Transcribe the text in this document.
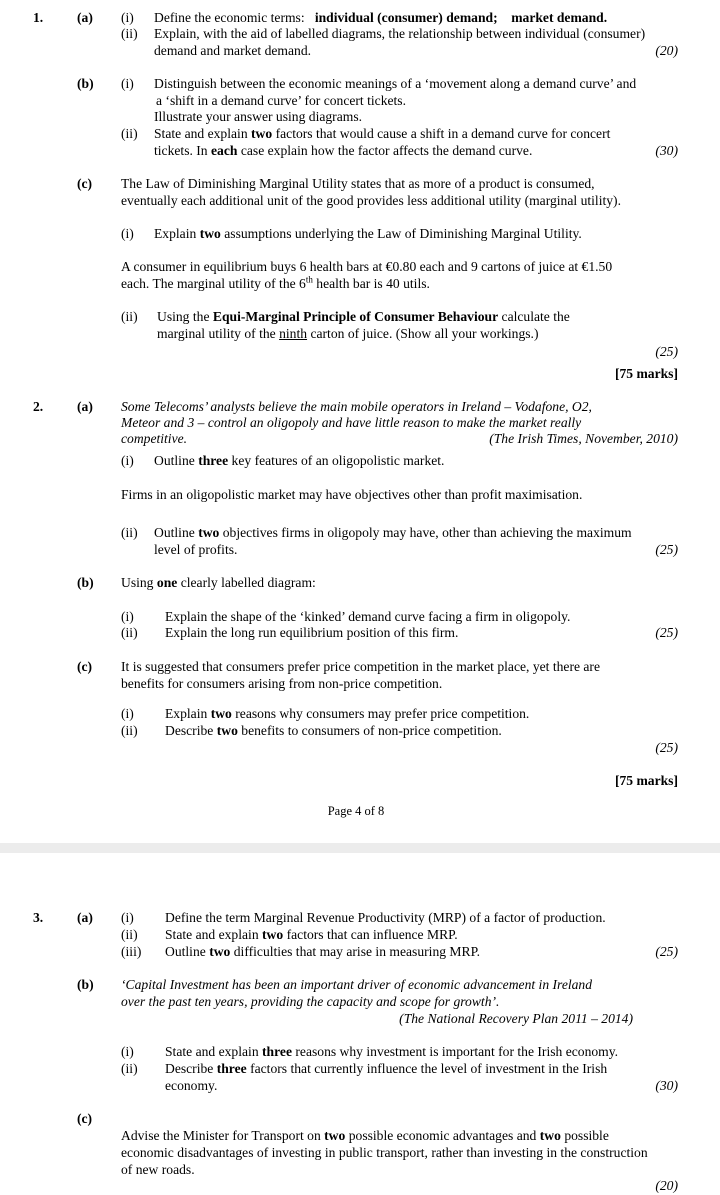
1. (a) (i) Define the economic terms: individual (consumer) demand; market demand.
(ii) Explain, with the aid of labelled diagrams, the relationship between individual (consumer)
demand and market demand.	(20)
(b) (i) Distinguish between the economic meanings of a ‘movement along a demand curve’ and
a ‘shift in a demand curve’ for concert tickets.
Illustrate your answer using diagrams.
(ii) State and explain two factors that would cause a shift in a demand curve for concert
tickets. In each case explain how the factor affects the demand curve.	(30)
(c) The Law of Diminishing Marginal Utility states that as more of a product is consumed,
eventually each additional unit of the good provides less additional utility (marginal utility).
(i) Explain two assumptions underlying the Law of Diminishing Marginal Utility.
A consumer in equilibrium buys 6 health bars at €0.80 each and 9 cartons of juice at €1.50
each. The marginal utility of the 6th health bar is 40 utils.
(ii) Using the Equi-Marginal Principle of Consumer Behaviour calculate the
marginal utility of the ninth carton of juice. (Show all your workings.)
(25)
[75 marks]
2. (a) Some Telecoms’ analysts believe the main mobile operators in Ireland – Vodafone, O2,
Meteor and 3 – control an oligopoly and have little reason to make the market really
competitive.	(The Irish Times, November, 2010)
(i) Outline three key features of an oligopolistic market.
Firms in an oligopolistic market may have objectives other than profit maximisation.
(ii) Outline two objectives firms in oligopoly may have, other than achieving the maximum
level of profits.	(25)
(b) Using one clearly labelled diagram:
(i) Explain the shape of the ‘kinked’ demand curve facing a firm in oligopoly.
(ii) Explain the long run equilibrium position of this firm.	(25)
(c) It is suggested that consumers prefer price competition in the market place, yet there are
benefits for consumers arising from non-price competition.
(i) Explain two reasons why consumers may prefer price competition.
(ii) Describe two benefits to consumers of non-price competition.
(25)
[75 marks]
Page 4 of 8
3. (a) (i) Define the term Marginal Revenue Productivity (MRP) of a factor of production.
(ii) State and explain two factors that can influence MRP.
(iii) Outline two difficulties that may arise in measuring MRP.	(25)
(b) ‘Capital Investment has been an important driver of economic advancement in Ireland
over the past ten years, providing the capacity and scope for growth’.
(The National Recovery Plan 2011 – 2014)
(i) State and explain three reasons why investment is important for the Irish economy.
(ii) Describe three factors that currently influence the level of investment in the Irish
economy.	(30)
(c)
Advise the Minister for Transport on two possible economic advantages and two possible
economic disadvantages of investing in public transport, rather than investing in the construction
of new roads.
(20)
